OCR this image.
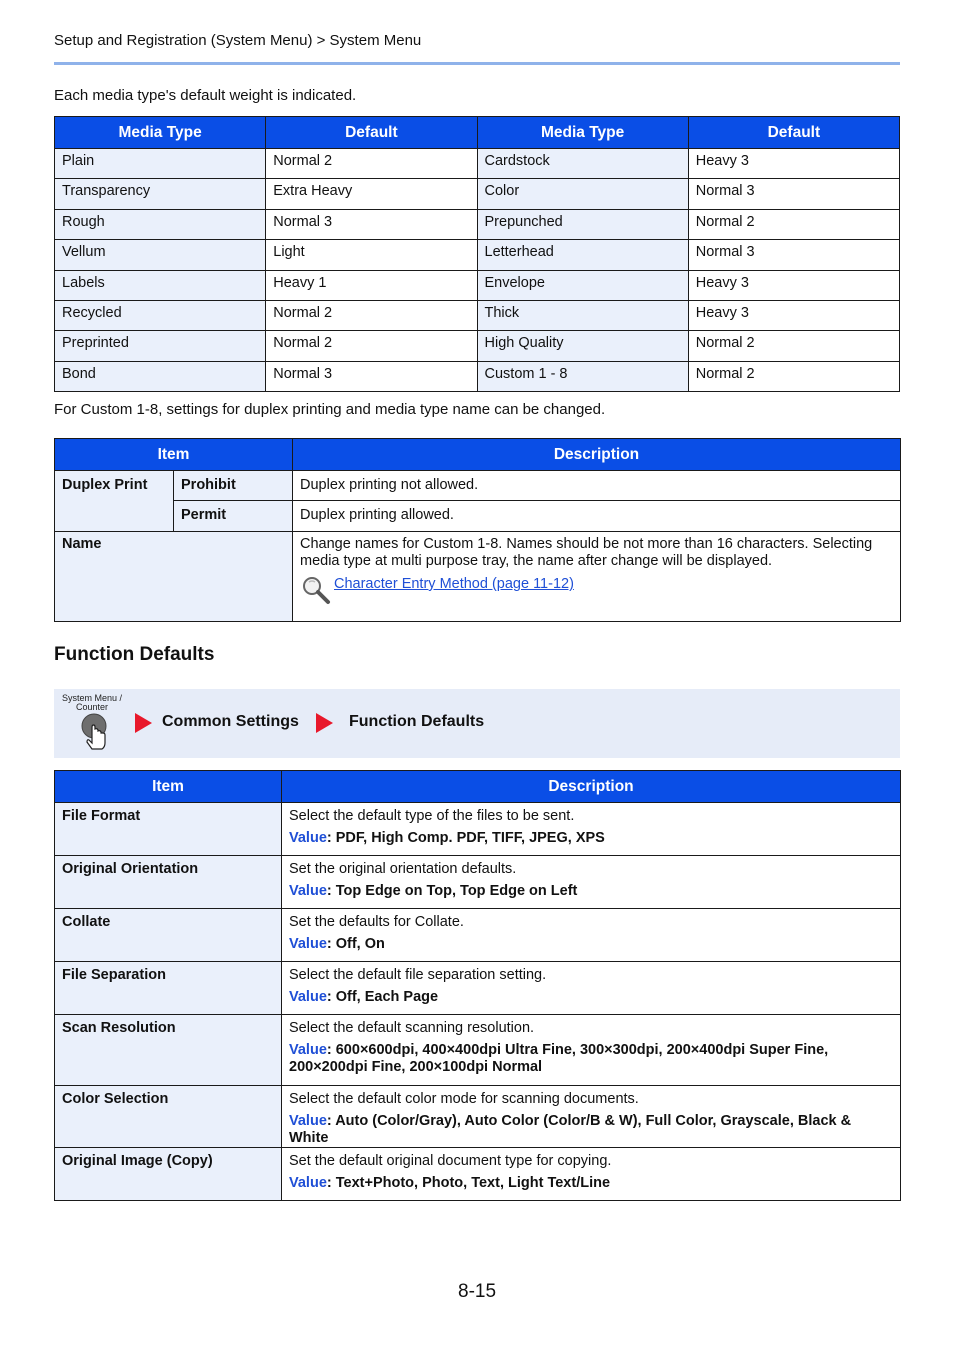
Setup and Registration (System Menu) > System Menu
Each media type's default weight is indicated.
Media Type	Default	Media Type	Default
Plain	Normal 2	Cardstock	Heavy 3
Transparency	Extra Heavy	Color	Normal 3
Rough	Normal 3	Prepunched	Normal 2
Vellum	Light	Letterhead	Normal 3
Labels	Heavy 1	Envelope	Heavy 3
Recycled	Normal 2	Thick	Heavy 3
Preprinted	Normal 2	High Quality	Normal 2
Bond	Normal 3	Custom 1 - 8	Normal 2
For Custom 1-8, settings for duplex printing and media type name can be changed.
Item		Description
Duplex Print	Prohibit	Duplex printing not allowed.
	Permit	Duplex printing allowed.
Name		Change names for Custom 1-8. Names should be not more than 16 characters. Selecting media type at multi purpose tray, the name after change will be displayed.
Character Entry Method (page 11-12)
Function Defaults
System Menu /
Counter
Common Settings	Function Defaults
Item	Description
File Format	Select the default type of the files to be sent.
Value: PDF, High Comp. PDF, TIFF, JPEG, XPS

Original Orientation	Set the original orientation defaults.
Value: Top Edge on Top, Top Edge on Left

Collate	Set the defaults for Collate.
Value: Off, On

File Separation	Select the default file separation setting.
Value: Off, Each Page

Scan Resolution	Select the default scanning resolution.
Value: 600×600dpi, 400×400dpi Ultra Fine, 300×300dpi, 200×400dpi Super Fine, 200×200dpi Fine, 200×100dpi Normal

Color Selection	Select the default color mode for scanning documents.
Value: Auto (Color/Gray), Auto Color (Color/B & W), Full Color, Grayscale, Black & White

Original Image (Copy)	Set the default original document type for copying.
Value: Text+Photo, Photo, Text, Light Text/Line
8-15
